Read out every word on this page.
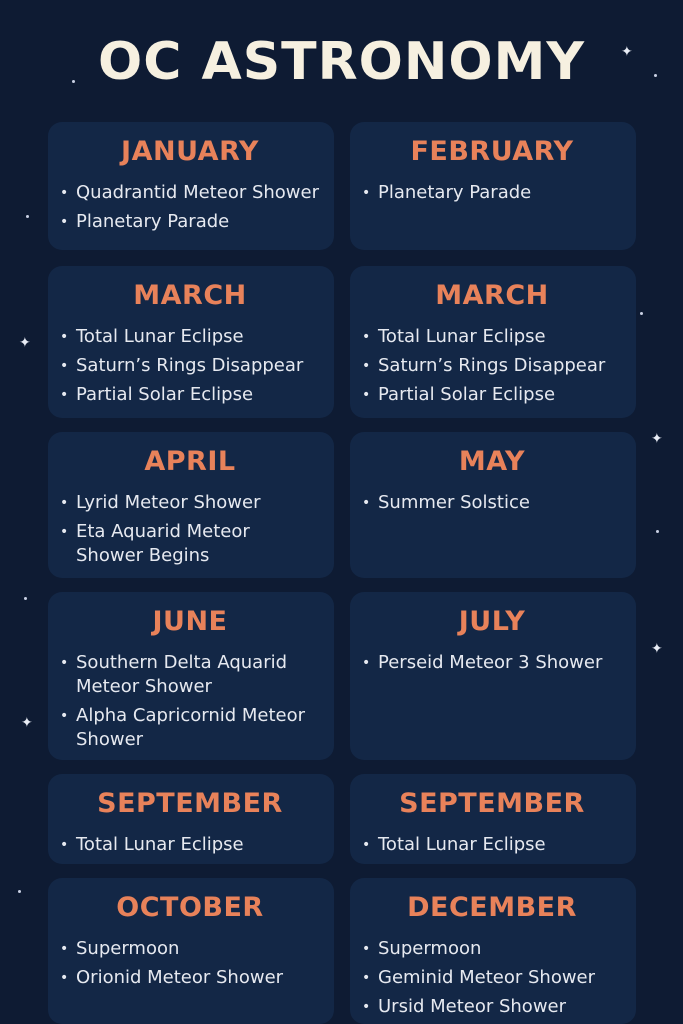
✦
✦
✦
✦
✦
OC ASTRONOMY
JANUARY
• Quadrantid Meteor Shower
• Planetary Parade
FEBRUARY
• Planetary Parade
MARCH
• Total Lunar Eclipse
• Saturn’s Rings Disappear
• Partial Solar Eclipse
MARCH
• Total Lunar Eclipse
• Saturn’s Rings Disappear
• Partial Solar Eclipse
APRIL
• Lyrid Meteor Shower
• Eta Aquarid Meteor Shower Begins
MAY
• Summer Solstice
JUNE
• Southern Delta Aquarid Meteor Shower
• Alpha Capricornid Meteor Shower
JULY
• Perseid Meteor 3 Shower
SEPTEMBER
• Total Lunar Eclipse
SEPTEMBER
• Total Lunar Eclipse
OCTOBER
• Supermoon
• Orionid Meteor Shower
DECEMBER
• Supermoon
• Geminid Meteor Shower
• Ursid Meteor Shower
